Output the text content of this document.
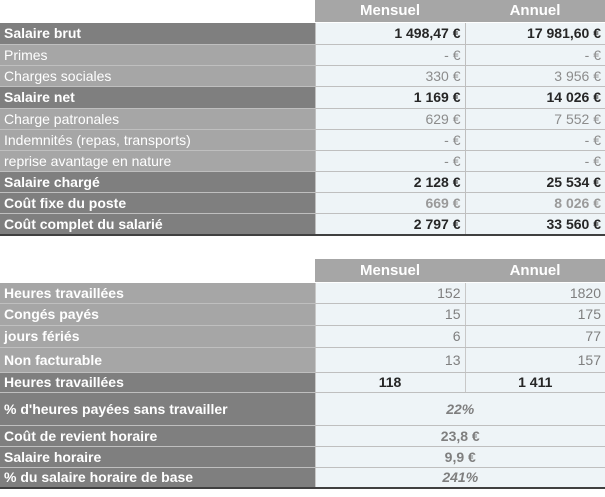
	Mensuel	Annuel
Salaire brut	1 498,47 €	17 981,60 €
Primes	- €	- €
Charges sociales	330 €	3 956 €
Salaire net	1 169 €	14 026 €
Charge patronales	629 €	7 552 €
Indemnités (repas, transports)	- €	- €
reprise avantage en nature	- €	- €
Salaire chargé	2 128 €	25 534 €
Coût fixe du poste	669 €	8 026 €
Coût complet du salarié	2 797 €	33 560 €
	Mensuel	Annuel
Heures travaillées	152	1820
Congés payés	15	175
jours fériés	6	77
Non facturable	13	157
Heures travaillées	118	1 411
% d'heures payées sans travailler	22%	
Coût de revient horaire	23,8 €	
Salaire horaire	9,9 €	
% du salaire horaire de base	241%	
